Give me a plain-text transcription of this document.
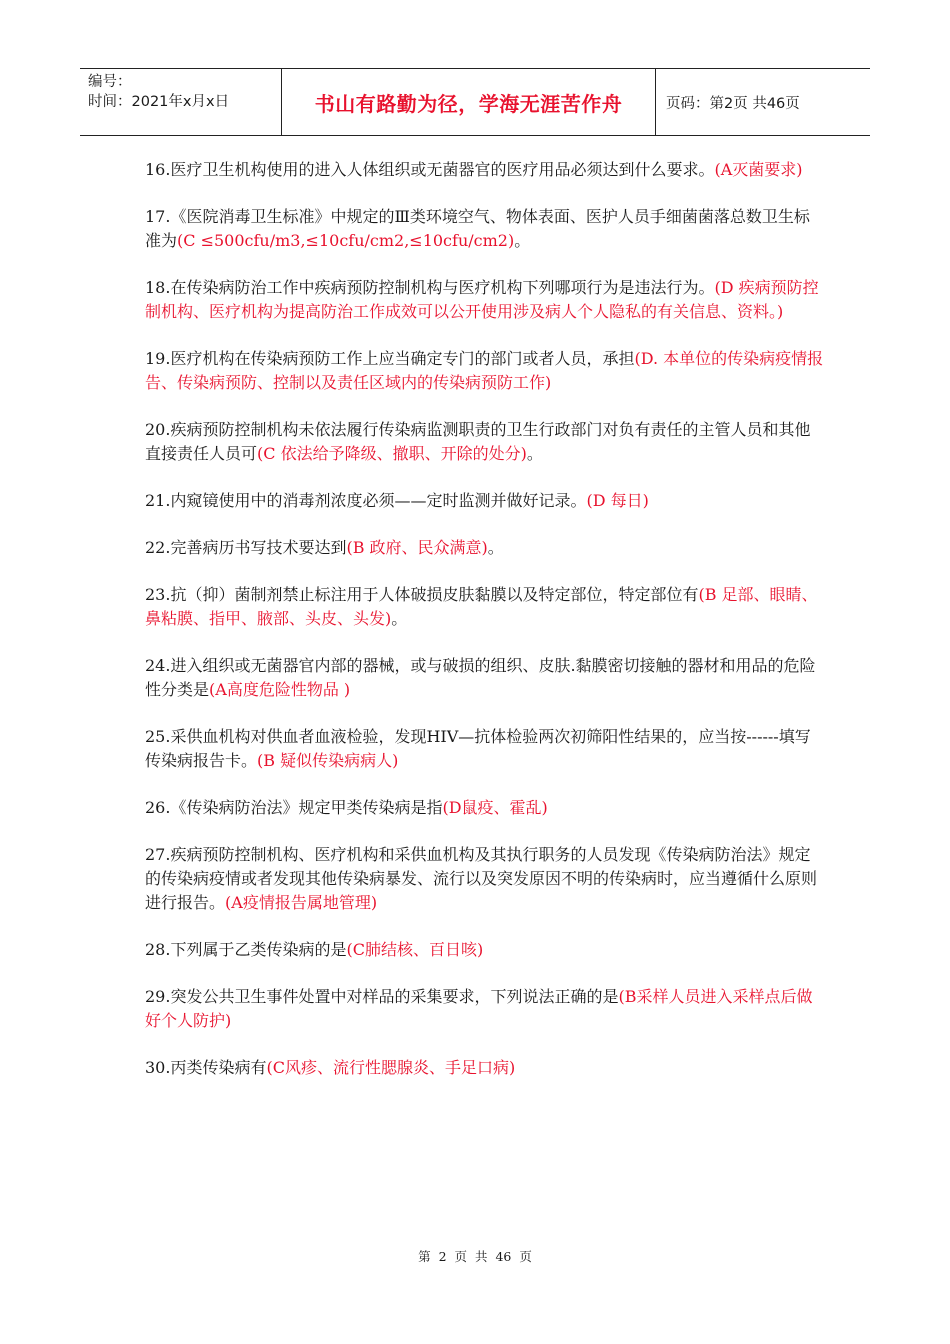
编号：
时间：2021年x月x日	书山有路勤为径，学海无涯苦作舟	页码：第2页 共46页

16.医疗卫生机构使用的进入人体组织或无菌器官的医疗用品必须达到什么要求。(A灭菌要求)

17.《医院消毒卫生标准》中规定的Ⅲ类环境空气、物体表面、医护人员手细菌菌落总数卫生标准为(C ≤500cfu/m3,≤10cfu/cm2,≤10cfu/cm2)。

18.在传染病防治工作中疾病预防控制机构与医疗机构下列哪项行为是违法行为。(D 疾病预防控制机构、医疗机构为提高防治工作成效可以公开使用涉及病人个人隐私的有关信息、资料。)

19.医疗机构在传染病预防工作上应当确定专门的部门或者人员，承担(D. 本单位的传染病疫情报告、传染病预防、控制以及责任区域内的传染病预防工作)

20.疾病预防控制机构未依法履行传染病监测职责的卫生行政部门对负有责任的主管人员和其他直接责任人员可(C 依法给予降级、撤职、开除的处分)。

21.内窥镜使用中的消毒剂浓度必须——定时监测并做好记录。(D 每日)

22.完善病历书写技术要达到(B 政府、民众满意)。

23.抗（抑）菌制剂禁止标注用于人体破损皮肤黏膜以及特定部位，特定部位有(B 足部、眼睛、鼻粘膜、指甲、腋部、头皮、头发)。

24.进入组织或无菌器官内部的器械，或与破损的组织、皮肤.黏膜密切接触的器材和用品的危险性分类是(A高度危险性物品 )

25.采供血机构对供血者血液检验，发现HIV—抗体检验两次初筛阳性结果的，应当按------填写传染病报告卡。(B 疑似传染病病人)

26.《传染病防治法》规定甲类传染病是指(D鼠疫、霍乱)

27.疾病预防控制机构、医疗机构和采供血机构及其执行职务的人员发现《传染病防治法》规定的传染病疫情或者发现其他传染病暴发、流行以及突发原因不明的传染病时，应当遵循什么原则进行报告。(A疫情报告属地管理)

28.下列属于乙类传染病的是(C肺结核、百日咳)

29.突发公共卫生事件处置中对样品的采集要求，下列说法正确的是(B采样人员进入采样点后做好个人防护)

30.丙类传染病有(C风疹、流行性腮腺炎、手足口病)

第 2 页 共 46 页
